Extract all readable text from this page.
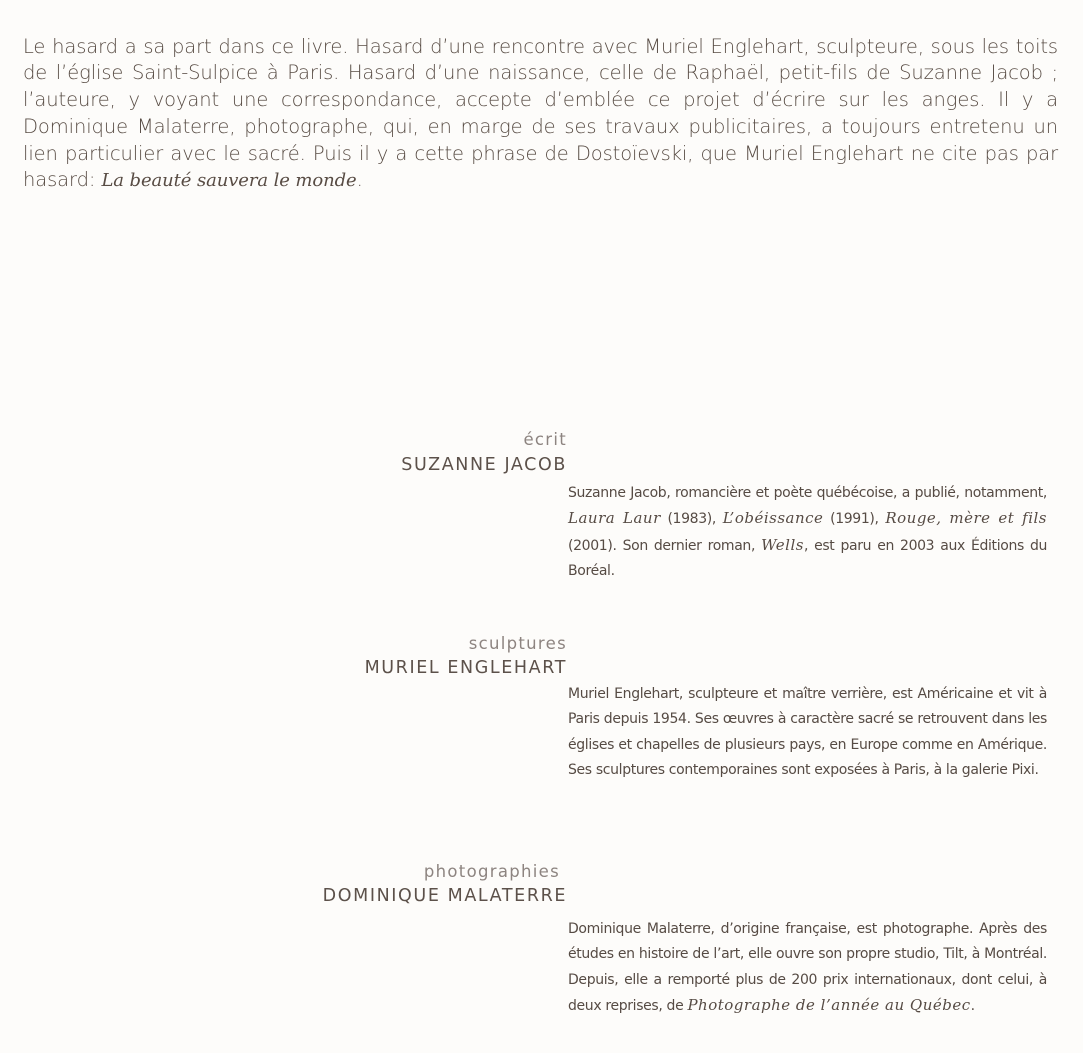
Le hasard a sa part dans ce livre. Hasard d’une rencontre avec Muriel Englehart, sculpteure, sous les toits de l’église Saint-Sulpice à Paris. Hasard d’une naissance, celle de Raphaël, petit-fils de Suzanne Jacob ; l’auteure, y voyant une correspondance, accepte d’emblée ce projet d’écrire sur les anges. Il y a Dominique Malaterre, photographe, qui, en marge de ses travaux publicitaires, a toujours entretenu un lien particulier avec le sacré. Puis il y a cette phrase de Dostoïevski, que Muriel Englehart ne cite pas par hasard: La beauté sauvera le monde.

écrit
SUZANNE JACOB

Suzanne Jacob, romancière et poète québécoise, a publié, notamment, Laura Laur (1983), L’obéissance (1991), Rouge, mère et fils (2001). Son dernier roman, Wells, est paru en 2003 aux Éditions du Boréal.

sculptures
MURIEL ENGLEHART

Muriel Englehart, sculpteure et maître verrière, est Américaine et vit à Paris depuis 1954. Ses œuvres à caractère sacré se retrouvent dans les églises et chapelles de plusieurs pays, en Europe comme en Amérique. Ses sculptures contemporaines sont exposées à Paris, à la galerie Pixi.

photographies
DOMINIQUE MALATERRE

Dominique Malaterre, d’origine française, est photographe. Après des études en histoire de l’art, elle ouvre son propre studio, Tilt, à Montréal. Depuis, elle a remporté plus de 200 prix internationaux, dont celui, à deux reprises, de Photographe de l’année au Québec.
